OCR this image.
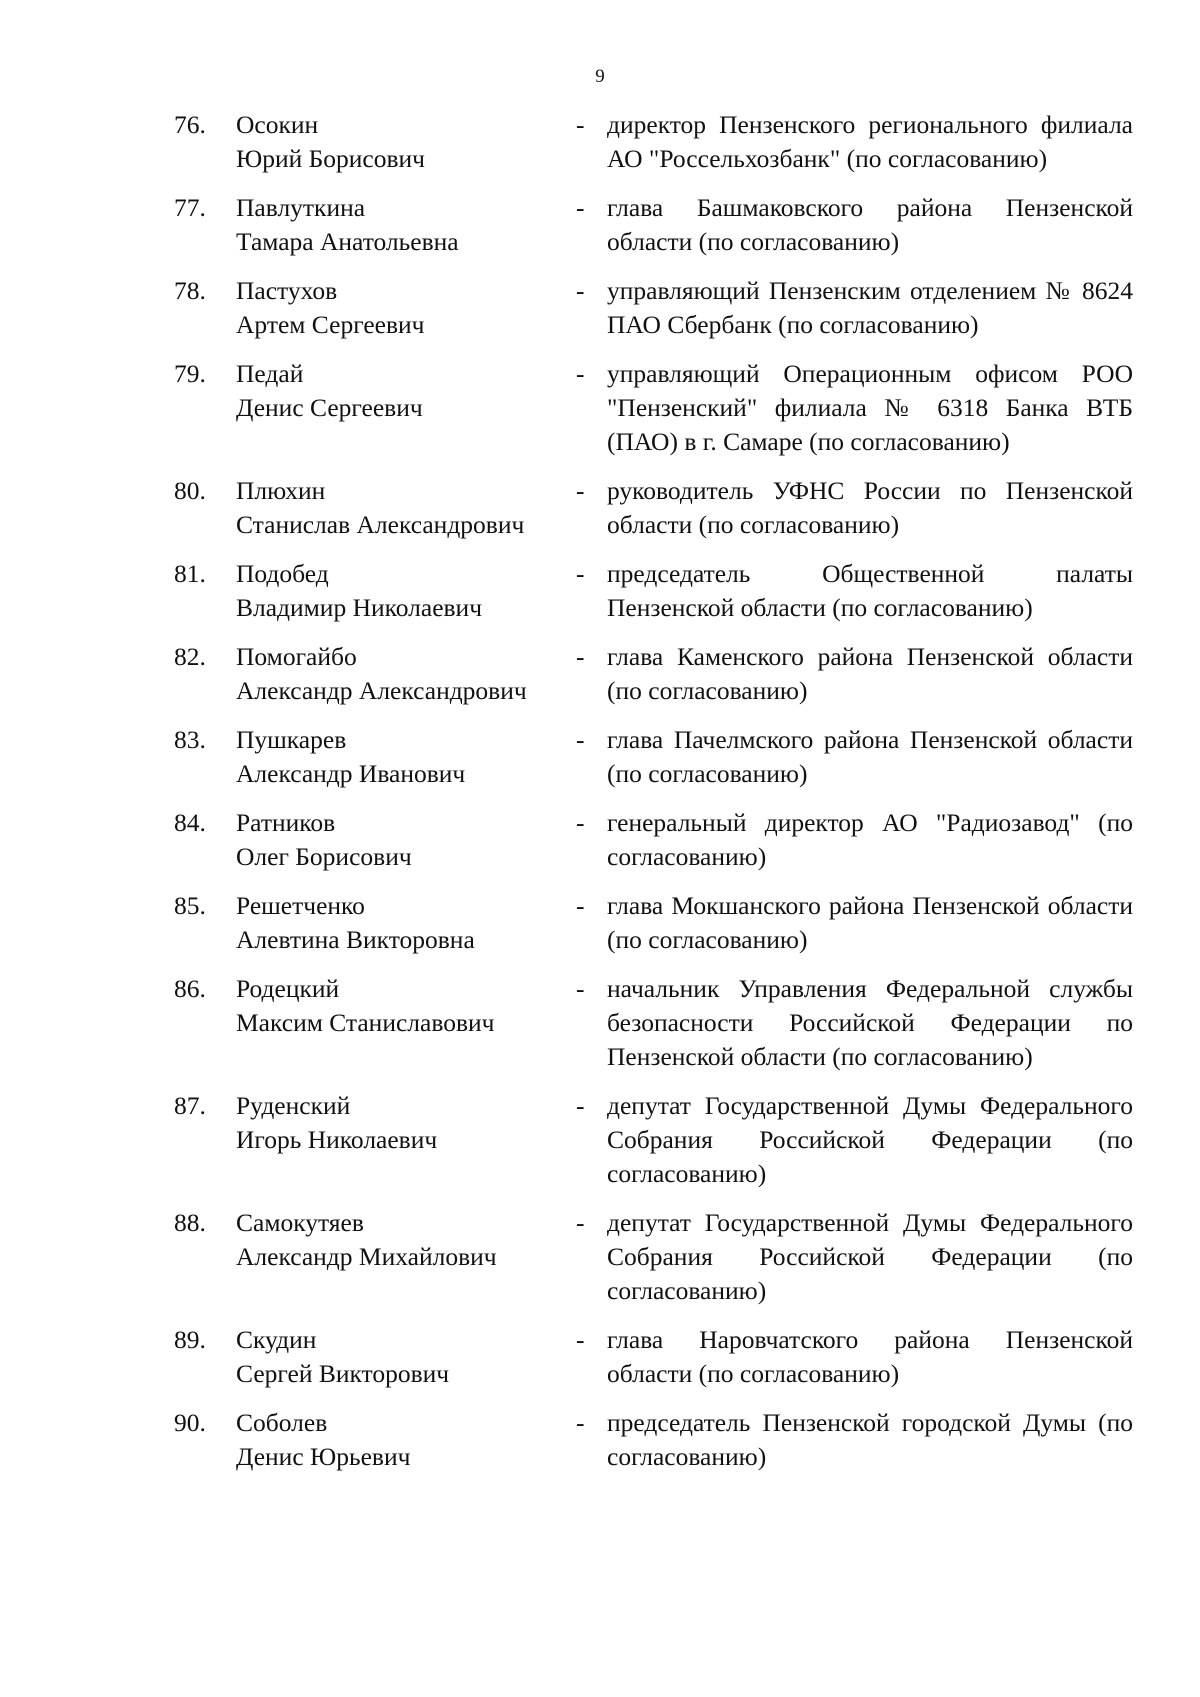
9
76. Осокин
Юрий Борисович
- директор Пензенского регионального филиала АО "Россельхозбанк" (по согласованию)
77. Павлуткина
Тамара Анатольевна
- глава Башмаковского района Пензенской области (по согласованию)
78. Пастухов
Артем Сергеевич
- управляющий Пензенским отделением № 8624 ПАО Сбербанк (по согласованию)
79. Педай
Денис Сергеевич
- управляющий Операционным офисом РОО "Пензенский" филиала № 6318 Банка ВТБ (ПАО) в г. Самаре (по согласованию)
80. Плюхин
Станислав Александрович
- руководитель УФНС России по Пензенской области (по согласованию)
81. Подобед
Владимир Николаевич
- председатель Общественной палаты Пензенской области (по согласованию)
82. Помогайбо
Александр Александрович
- глава Каменского района Пензенской области (по согласованию)
83. Пушкарев
Александр Иванович
- глава Пачелмского района Пензенской области (по согласованию)
84. Ратников
Олег Борисович
- генеральный директор АО "Радиозавод" (по согласованию)
85. Решетченко
Алевтина Викторовна
- глава Мокшанского района Пензенской области (по согласованию)
86. Родецкий
Максим Станиславович
- начальник Управления Федеральной службы безопасности Российской Федерации по Пензенской области (по согласованию)
87. Руденский
Игорь Николаевич
- депутат Государственной Думы Федерального Собрания Российской Федерации (по согласованию)
88. Самокутяев
Александр Михайлович
- депутат Государственной Думы Федерального Собрания Российской Федерации (по согласованию)
89. Скудин
Сергей Викторович
- глава Наровчатского района Пензенской области (по согласованию)
90. Соболев
Денис Юрьевич
- председатель Пензенской городской Думы (по согласованию)
